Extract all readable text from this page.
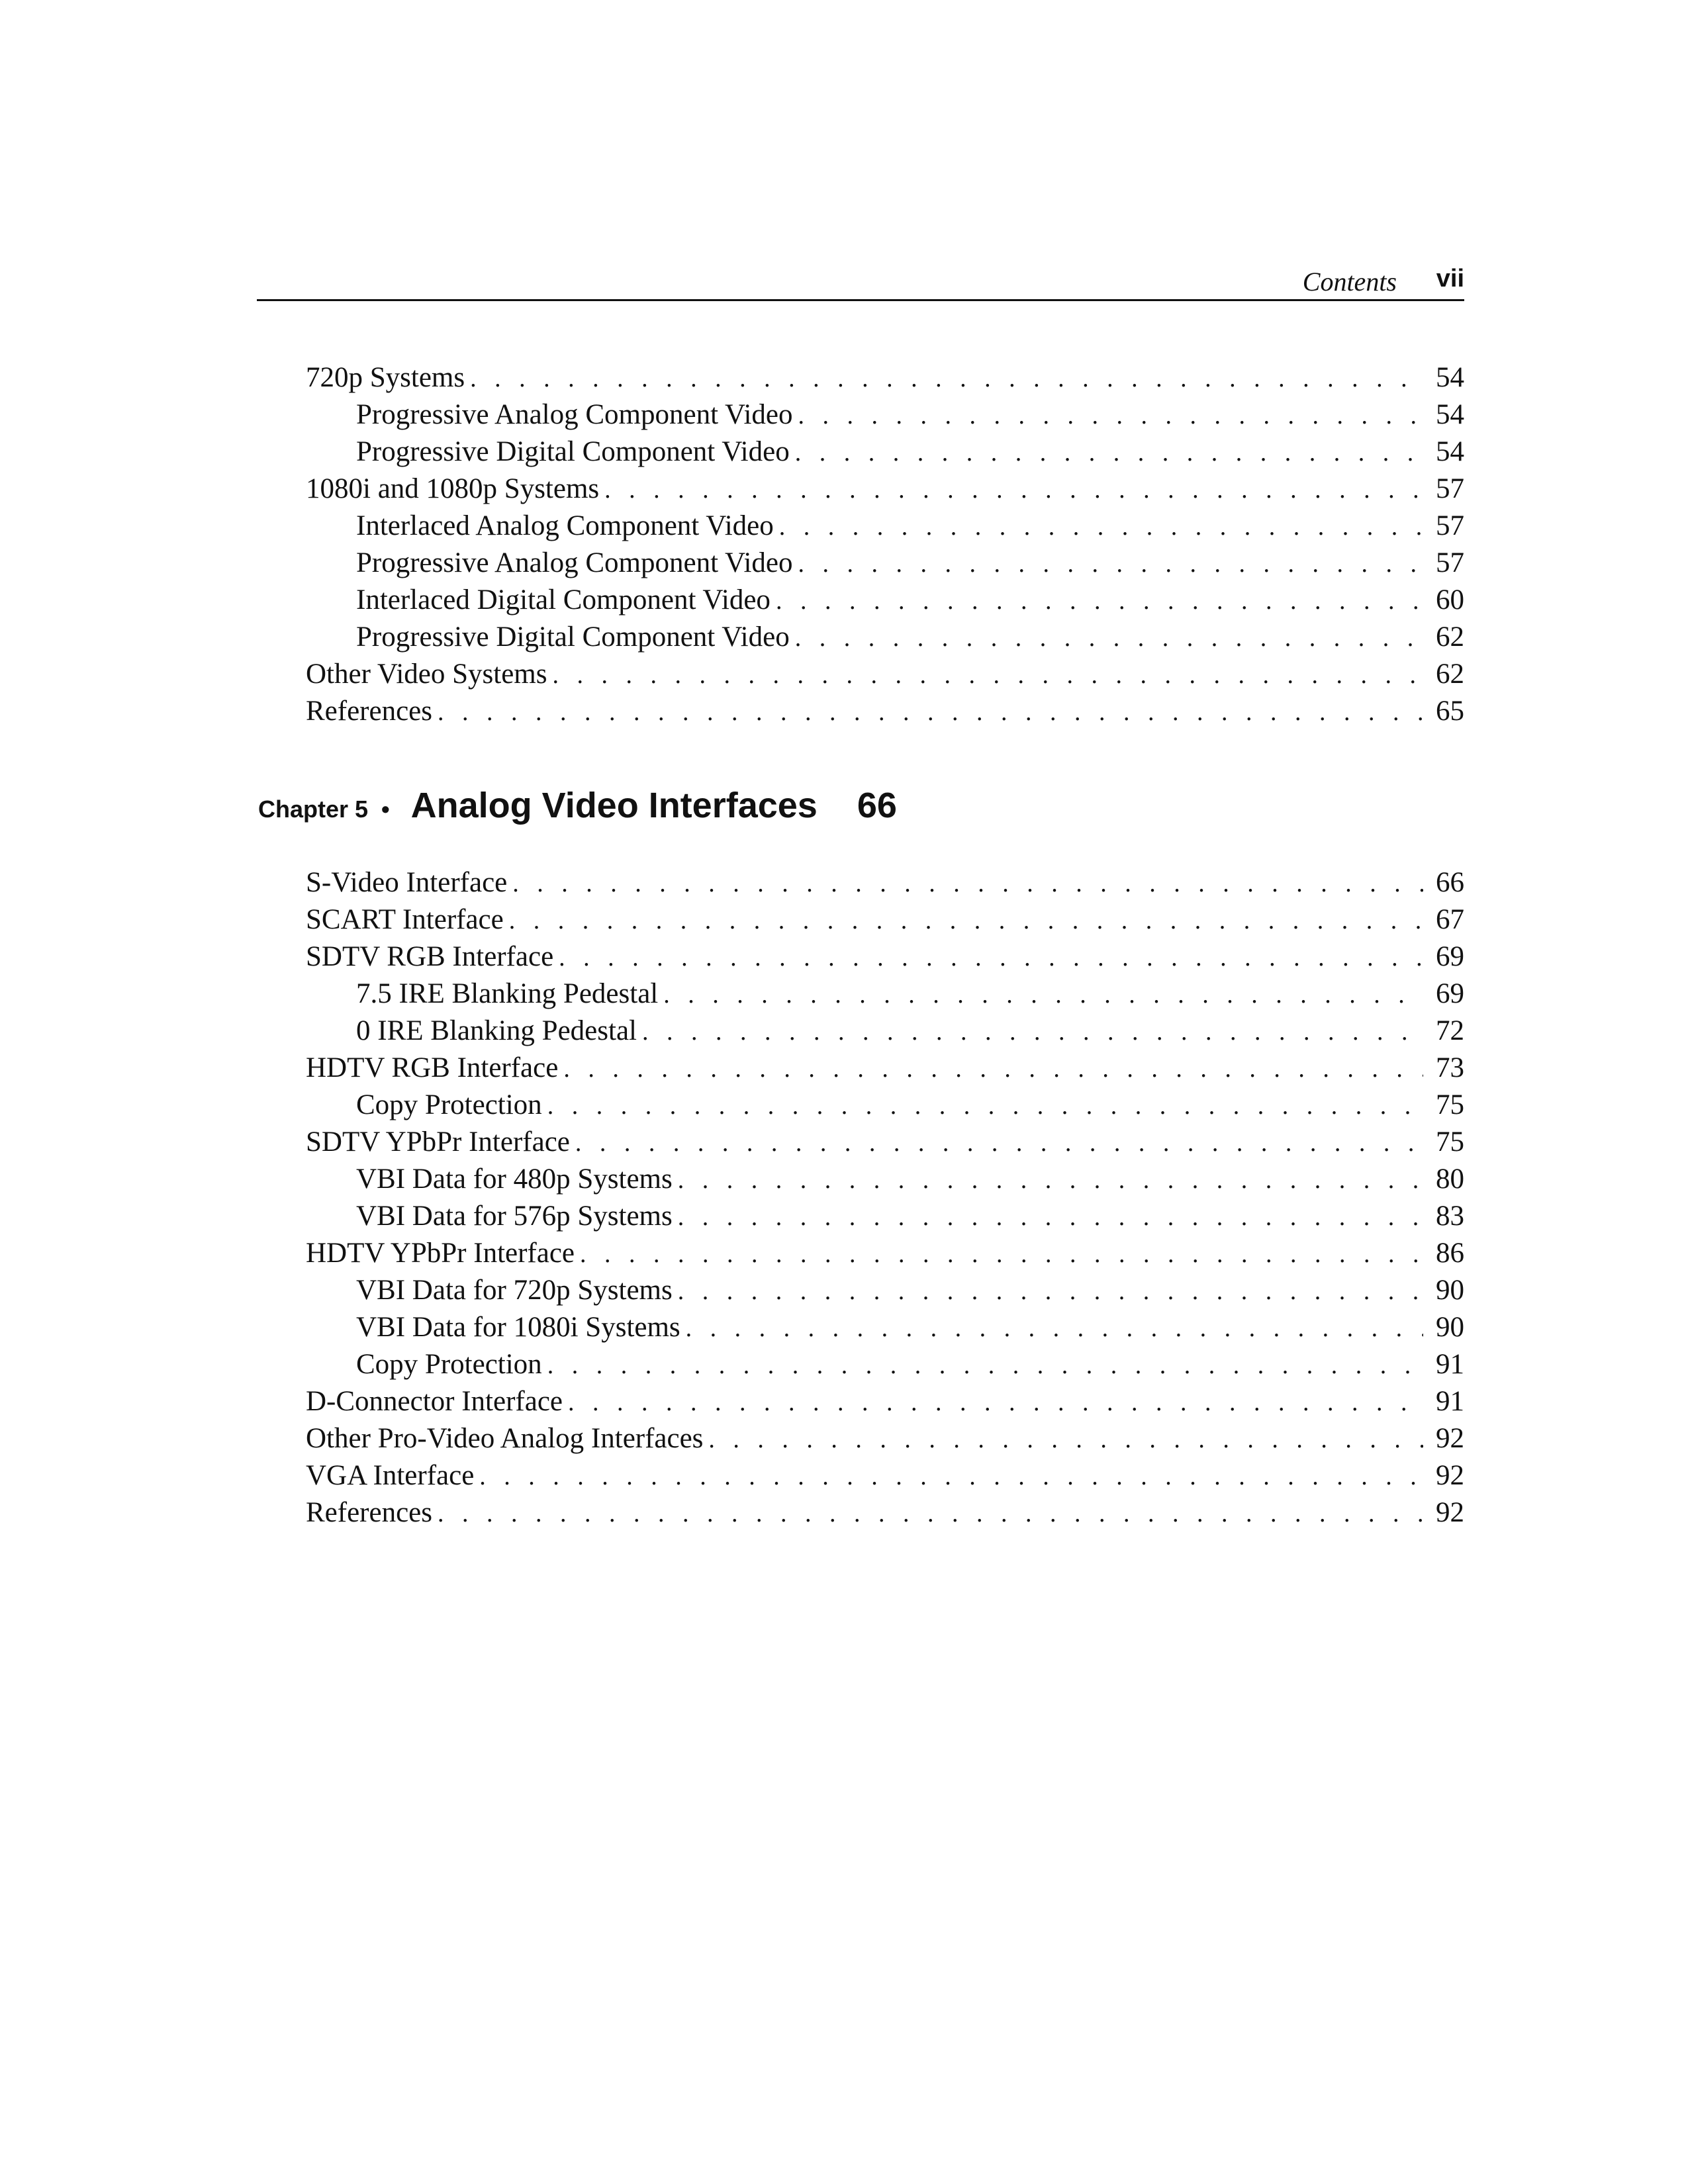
Contents vii
720p Systems . . .	54
Progressive Analog Component Video . . .	54
Progressive Digital Component Video . . .	54
1080i and 1080p Systems . . .	57
Interlaced Analog Component Video . . .	57
Progressive Analog Component Video . . .	57
Interlaced Digital Component Video . . .	60
Progressive Digital Component Video . . .	62
Other Video Systems . . .	62
References . . .	65
Chapter 5 • Analog Video Interfaces 66
S-Video Interface . . .	66
SCART Interface . . .	67
SDTV RGB Interface . . .	69
7.5 IRE Blanking Pedestal . . .	69
0 IRE Blanking Pedestal . . .	72
HDTV RGB Interface . . .	73
Copy Protection . . .	75
SDTV YPbPr Interface . . .	75
VBI Data for 480p Systems . . .	80
VBI Data for 576p Systems . . .	83
HDTV YPbPr Interface . . .	86
VBI Data for 720p Systems . . .	90
VBI Data for 1080i Systems . . .	90
Copy Protection . . .	91
D-Connector Interface . . .	91
Other Pro-Video Analog Interfaces . . .	92
VGA Interface . . .	92
References . . .	92
